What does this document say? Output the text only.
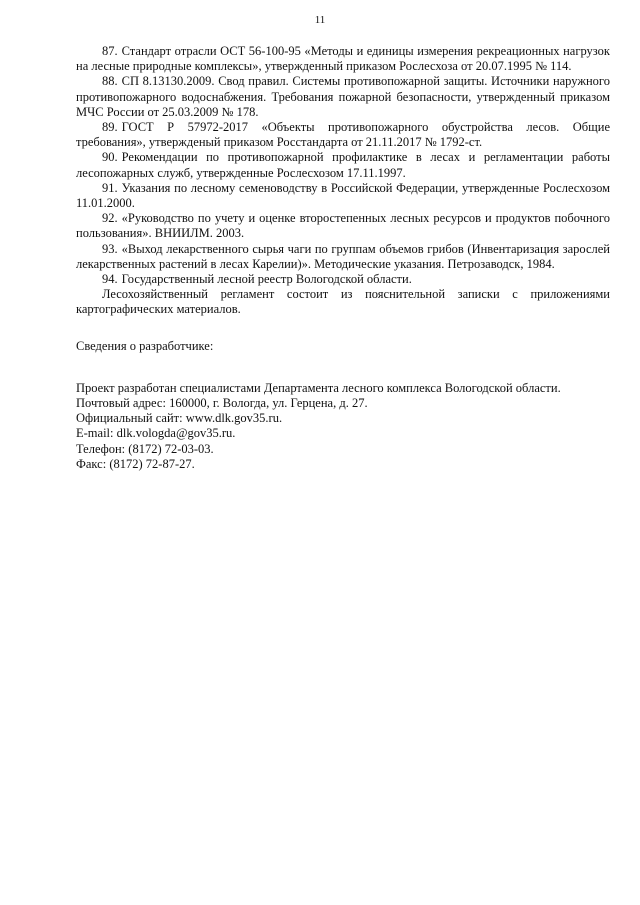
11

87. Стандарт отрасли ОСТ 56-100-95 «Методы и единицы измерения рекреационных нагрузок на лесные природные комплексы», утвержденный приказом Рослесхоза от 20.07.1995 № 114.

88. СП 8.13130.2009. Свод правил. Системы противопожарной защиты. Источники наружного противопожарного водоснабжения. Требования пожарной безопасности, утвержденный приказом МЧС России от 25.03.2009 № 178.

89. ГОСТ Р 57972-2017 «Объекты противопожарного обустройства лесов. Общие требования», утвержденый приказом Росстандарта от 21.11.2017 № 1792-ст.

90. Рекомендации по противопожарной профилактике в лесах и регламентации работы лесопожарных служб, утвержденные Рослесхозом 17.11.1997.

91. Указания по лесному семеноводству в Российской Федерации, утвержденные Рослесхозом 11.01.2000.

92. «Руководство по учету и оценке второстепенных лесных ресурсов и продуктов побочного пользования». ВНИИЛМ. 2003.

93. «Выход лекарственного сырья чаги по группам объемов грибов (Инвентаризация зарослей лекарственных растений в лесах Карелии)». Методические указания. Петрозаводск, 1984.

94. Государственный лесной реестр Вологодской области.

Лесохозяйственный регламент состоит из пояснительной записки с приложениями картографических материалов.

Сведения о разработчике:

Проект разработан специалистами Департамента лесного комплекса Вологодской области.

Почтовый адрес: 160000, г. Вологда, ул. Герцена, д. 27.

Официальный сайт: www.dlk.gov35.ru.

E-mail: dlk.vologda@gov35.ru.

Телефон: (8172) 72-03-03.

Факс: (8172) 72-87-27.
